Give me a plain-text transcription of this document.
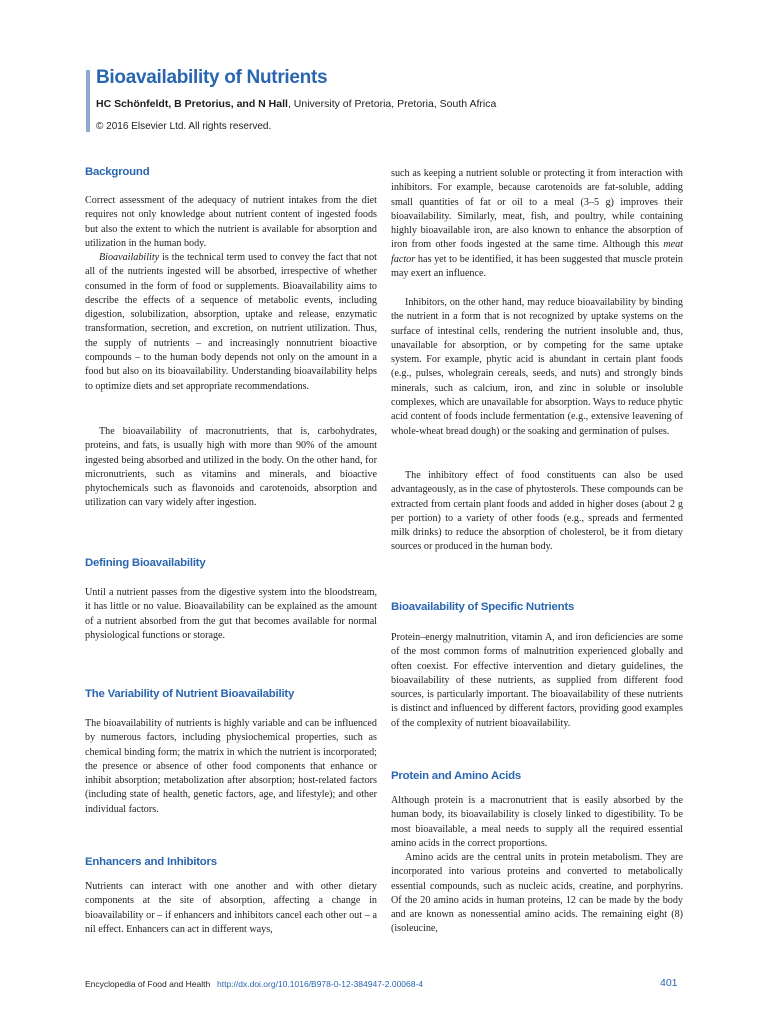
Bioavailability of Nutrients
HC Schönfeldt, B Pretorius, and N Hall, University of Pretoria, Pretoria, South Africa
© 2016 Elsevier Ltd. All rights reserved.
Background

Correct assessment of the adequacy of nutrient intakes from the diet requires not only knowledge about nutrient content of ingested foods but also the extent to which the nutrient is available for absorption and utilization in the human body.

Bioavailability is the technical term used to convey the fact that not all of the nutrients ingested will be absorbed, irrespective of whether consumed in the form of food or supplements. Bioavailability aims to describe the effects of a sequence of metabolic events, including digestion, solubilization, absorption, uptake and release, enzymatic transformation, secretion, and excretion, on nutrient utilization. Thus, the supply of nutrients – and increasingly nonnutrient bioactive compounds – to the human body depends not only on the amount in a food but also on its bioavailability. Understanding bioavailability helps to optimize diets and set appropriate recommendations.

The bioavailability of macronutrients, that is, carbohydrates, proteins, and fats, is usually high with more than 90% of the amount ingested being absorbed and utilized in the body. On the other hand, for micronutrients, such as vitamins and minerals, and bioactive phytochemicals such as flavonoids and carotenoids, absorption and utilization can vary widely after ingestion.

Defining Bioavailability

Until a nutrient passes from the digestive system into the bloodstream, it has little or no value. Bioavailability can be explained as the amount of a nutrient absorbed from the gut that becomes available for normal physiological functions or storage.

The Variability of Nutrient Bioavailability

The bioavailability of nutrients is highly variable and can be influenced by numerous factors, including physiochemical properties, such as chemical binding form; the matrix in which the nutrient is incorporated; the presence or absence of other food components that enhance or inhibit absorption; metabolization after absorption; host-related factors (including state of health, genetic factors, age, and lifestyle); and other individual factors.

Enhancers and Inhibitors

Nutrients can interact with one another and with other dietary components at the site of absorption, affecting a change in bioavailability or – if enhancers and inhibitors cancel each other out – a nil effect. Enhancers can act in different ways,

such as keeping a nutrient soluble or protecting it from interaction with inhibitors. For example, because carotenoids are fat-soluble, adding small quantities of fat or oil to a meal (3–5 g) improves their bioavailability. Similarly, meat, fish, and poultry, while containing highly bioavailable iron, are also known to enhance the absorption of iron from other foods ingested at the same time. Although this meat factor has yet to be identified, it has been suggested that muscle protein may exert an influence.

Inhibitors, on the other hand, may reduce bioavailability by binding the nutrient in a form that is not recognized by uptake systems on the surface of intestinal cells, rendering the nutrient insoluble and, thus, unavailable for absorption, or by competing for the same uptake system. For example, phytic acid is abundant in certain plant foods (e.g., pulses, wholegrain cereals, seeds, and nuts) and strongly binds minerals, such as calcium, iron, and zinc in soluble or insoluble complexes, which are unavailable for absorption. Ways to reduce phytic acid content of foods include fermentation (e.g., extensive leavening of whole-wheat bread dough) or the soaking and germination of pulses.

The inhibitory effect of food constituents can also be used advantageously, as in the case of phytosterols. These compounds can be extracted from certain plant foods and added in higher doses (about 2 g per portion) to a variety of other foods (e.g., spreads and fermented milk drinks) to reduce the absorption of cholesterol, be it from dietary sources or produced in the human body.

Bioavailability of Specific Nutrients

Protein–energy malnutrition, vitamin A, and iron deficiencies are some of the most common forms of malnutrition experienced globally and often coexist. For effective intervention and dietary guidelines, the bioavailability of these nutrients, as supplied from different food sources, is particularly important. The bioavailability of these nutrients is distinct and influenced by different factors, providing good examples of the complexity of nutrient bioavailability.

Protein and Amino Acids

Although protein is a macronutrient that is easily absorbed by the human body, its bioavailability is closely linked to digestibility. To be most bioavailable, a meal needs to supply all the required essential amino acids in the correct proportions.

Amino acids are the central units in protein metabolism. They are incorporated into various proteins and converted to metabolically essential compounds, such as nucleic acids, creatine, and porphyrins. Of the 20 amino acids in human proteins, 12 can be made by the body and are known as nonessential amino acids. The remaining eight (8) (isoleucine,

Encyclopedia of Food and Health http://dx.doi.org/10.1016/B978-0-12-384947-2.00068-4	401
